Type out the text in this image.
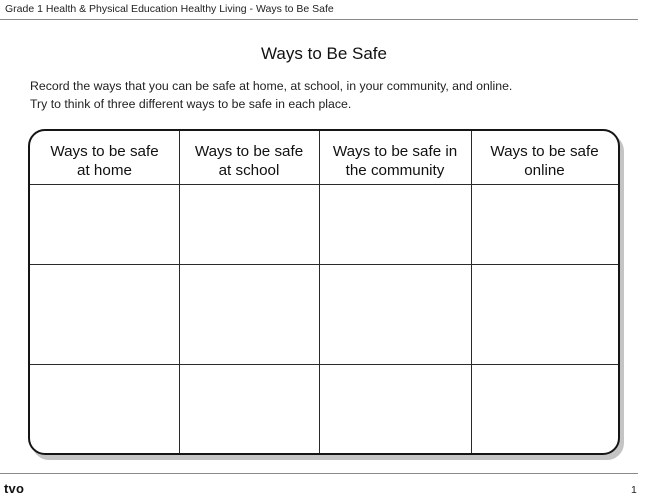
Grade 1 Health & Physical Education Healthy Living - Ways to Be Safe
Ways to Be Safe
Record the ways that you can be safe at home, at school, in your community, and online.
Try to think of three different ways to be safe in each place.
Ways to be safe
at home
Ways to be safe
at school
Ways to be safe in
the community
Ways to be safe
online
tvo	1
